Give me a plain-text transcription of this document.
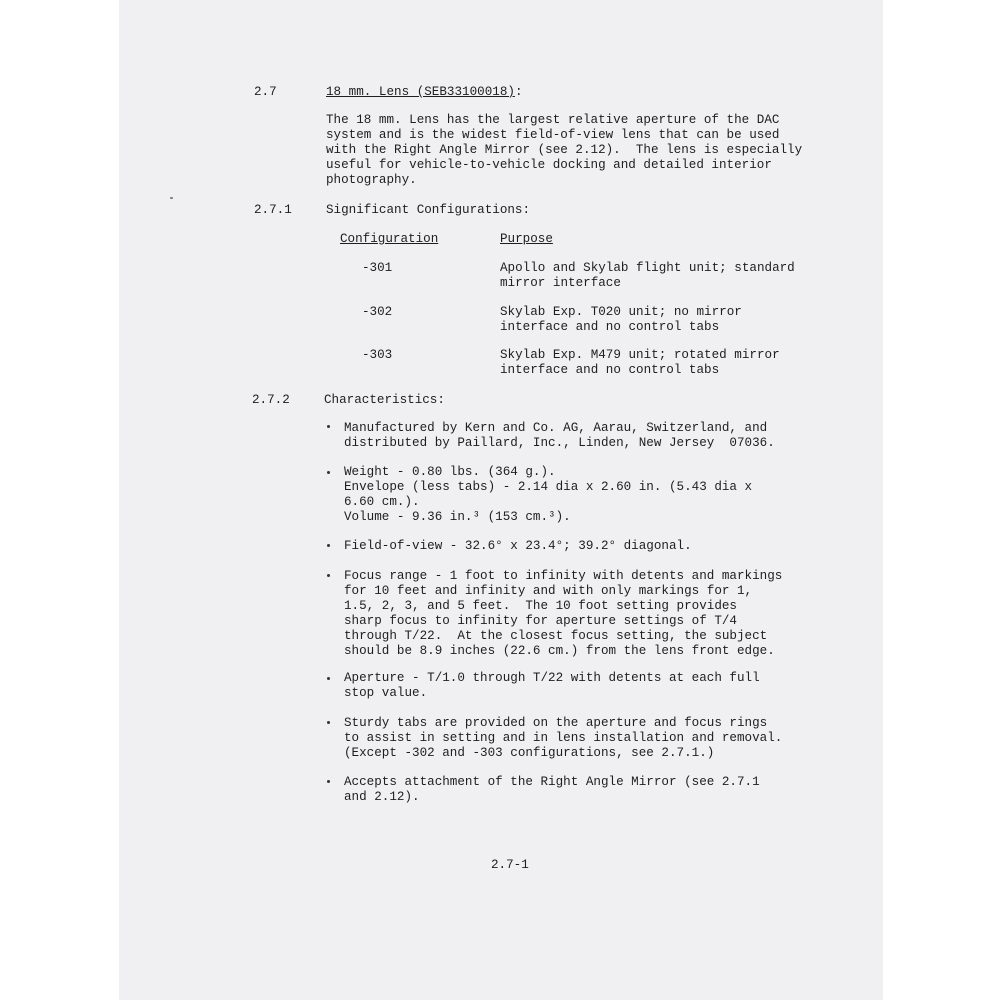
2.7	18 mm. Lens (SEB33100018):
The 18 mm. Lens has the largest relative aperture of the DAC
system and is the widest field-of-view lens that can be used
with the Right Angle Mirror (see 2.12).  The lens is especially
useful for vehicle-to-vehicle docking and detailed interior
photography.
2.7.1	Significant Configurations:
Configuration	Purpose
-301	Apollo and Skylab flight unit; standard
mirror interface
-302	Skylab Exp. T020 unit; no mirror
interface and no control tabs
-303	Skylab Exp. M479 unit; rotated mirror
interface and no control tabs
2.7.2	Characteristics:
Manufactured by Kern and Co. AG, Aarau, Switzerland, and
distributed by Paillard, Inc., Linden, New Jersey  07036.
Weight - 0.80 lbs. (364 g.).
Envelope (less tabs) - 2.14 dia x 2.60 in. (5.43 dia x
6.60 cm.).
Volume - 9.36 in.³ (153 cm.³).
Field-of-view - 32.6° x 23.4°; 39.2° diagonal.
Focus range - 1 foot to infinity with detents and markings
for 10 feet and infinity and with only markings for 1,
1.5, 2, 3, and 5 feet.  The 10 foot setting provides
sharp focus to infinity for aperture settings of T/4
through T/22.  At the closest focus setting, the subject
should be 8.9 inches (22.6 cm.) from the lens front edge.
Aperture - T/1.0 through T/22 with detents at each full
stop value.
Sturdy tabs are provided on the aperture and focus rings
to assist in setting and in lens installation and removal.
(Except -302 and -303 configurations, see 2.7.1.)
Accepts attachment of the Right Angle Mirror (see 2.7.1
and 2.12).
2.7-1
